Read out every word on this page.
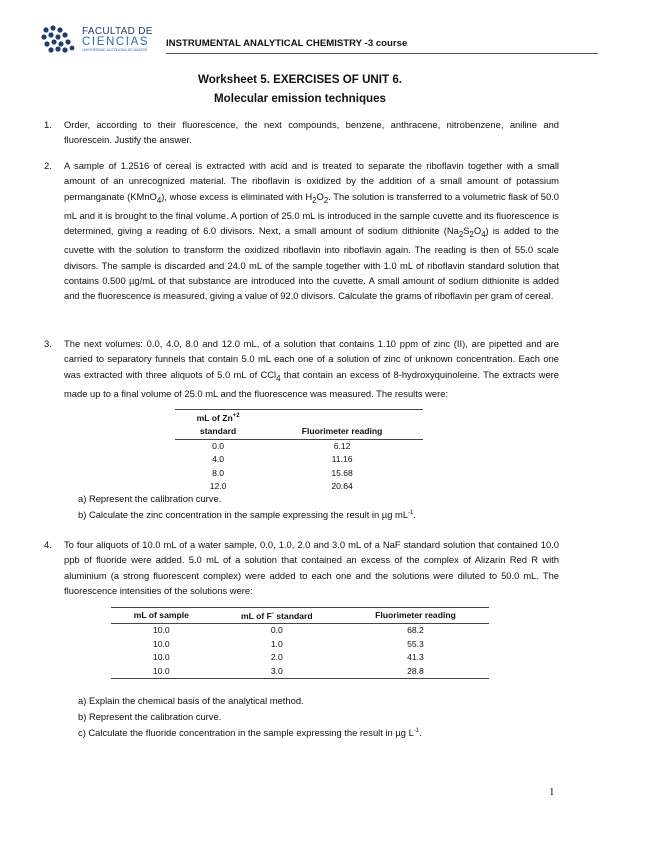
FACULTAD DE
CIENCIAS
UNIVERSIDAD AUTÓNOMA DE MADRID
INSTRUMENTAL ANALYTICAL CHEMISTRY -3 course
Worksheet 5. EXERCISES OF UNIT 6.
Molecular emission techniques
1. Order, according to their fluorescence, the next compounds, benzene, anthracene, nitrobenzene, aniline and fluorescein. Justify the answer.
2. A sample of 1.2516 of cereal is extracted with acid and is treated to separate the riboflavin together with a small amount of an unrecognized material. The riboflavin is oxidized by the addition of a small amount of potassium permanganate (KMnO$_4$), whose excess is eliminated with $H_2O_2$. The solution is transferred to a volumetric flask of 50.0 mL and it is brought to the final volume. A portion of 25.0 mL is introduced in the sample cuvette and its fluorescence is determined, giving a reading of 6.0 divisors. Next, a small amount of sodium dithionite $(Na_2S_2O_4)$ is added to the cuvette with the solution to transform the oxidized riboflavin into riboflavin again. The reading is then of 55.0 scale divisors. The sample is discarded and 24.0 mL of the sample together with 1.0 mL of riboflavin standard solution that contains 0.500 µg/mL of that substance are introduced into the cuvette. A small amount of sodium dithionite is added and the fluorescence is measured, giving a value of 92.0 divisors. Calculate the grams of riboflavin per gram of cereal.
3. The next volumes: 0.0, 4.0, 8.0 and 12.0 mL, of a solution that contains 1.10 ppm of zinc (II), are pipetted and are carried to separatory funnels that contain 5.0 mL each one of a solution of zinc of unknown concentration. Each one was extracted with three aliquots of 5.0 mL of CCl$_4$ that contain an excess of 8-hydroxyquinoleine. The extracts were made up to a final volume of 25.0 mL and the fluorescence was measured. The results were:
mL of $Zn^{+2}$	
standard	Fluorimeter reading
0.0	6.12
4.0	11.16
8.0	15.68
12.0	20.64
a) Represent the calibration curve.
b) Calculate the zinc concentration in the sample expressing the result in µg $mL^{-1}$.
4. To four aliquots of 10.0 mL of a water sample, 0.0, 1.0, 2.0 and 3.0 mL of a NaF standard solution that contained 10.0 ppb of fluoride were added. 5.0 mL of a solution that contained an excess of the complex of Alizarin Red R with aluminium (a strong fluorescent complex) were added to each one and the solutions were diluted to 50.0 mL. The fluorescence intensities of the solutions were:
mL of sample	mL of F- standard	Fluorimeter reading
10.0	0.0	68.2
10.0	1.0	55.3
10.0	2.0	41.3
10.0	3.0	28.8
a) Explain the chemical basis of the analytical method.
b) Represent the calibration curve.
c) Calculate the fluoride concentration in the sample expressing the result in µg $L^{-1}$.
1
